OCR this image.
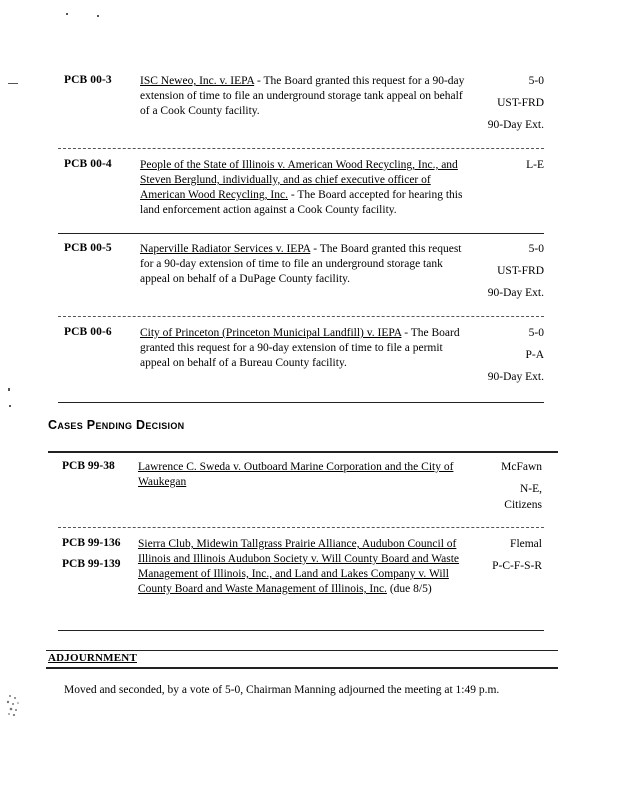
PCB 00-3 ISC Neweo, Inc. v. IEPA - The Board granted this request for a 90-day extension of time to file an underground storage tank appeal on behalf of a Cook County facility.
5-0
UST-FRD
90-Day Ext.
PCB 00-4 People of the State of Illinois v. American Wood Recycling, Inc., and Steven Berglund, individually, and as chief executive officer of American Wood Recycling, Inc. - The Board accepted for hearing this land enforcement action against a Cook County facility.
L-E
PCB 00-5 Naperville Radiator Services v. IEPA - The Board granted this request for a 90-day extension of time to file an underground storage tank appeal on behalf of a DuPage County facility.
5-0
UST-FRD
90-Day Ext.
PCB 00-6 City of Princeton (Princeton Municipal Landfill) v. IEPA - The Board granted this request for a 90-day extension of time to file a permit appeal on behalf of a Bureau County facility.
5-0
P-A
90-Day Ext.
Cases Pending Decision
PCB 99-38 Lawrence C. Sweda v. Outboard Marine Corporation and the City of Waukegan
McFawn
N-E,
Citizens
PCB 99-136
PCB 99-139
Sierra Club, Midewin Tallgrass Prairie Alliance, Audubon Council of Illinois and Illinois Audubon Society v. Will County Board and Waste Management of Illinois, Inc., and Land and Lakes Company v. Will County Board and Waste Management of Illinois, Inc. (due 8/5)
Flemal
P-C-F-S-R
ADJOURNMENT
Moved and seconded, by a vote of 5-0, Chairman Manning adjourned the meeting at 1:49 p.m.
